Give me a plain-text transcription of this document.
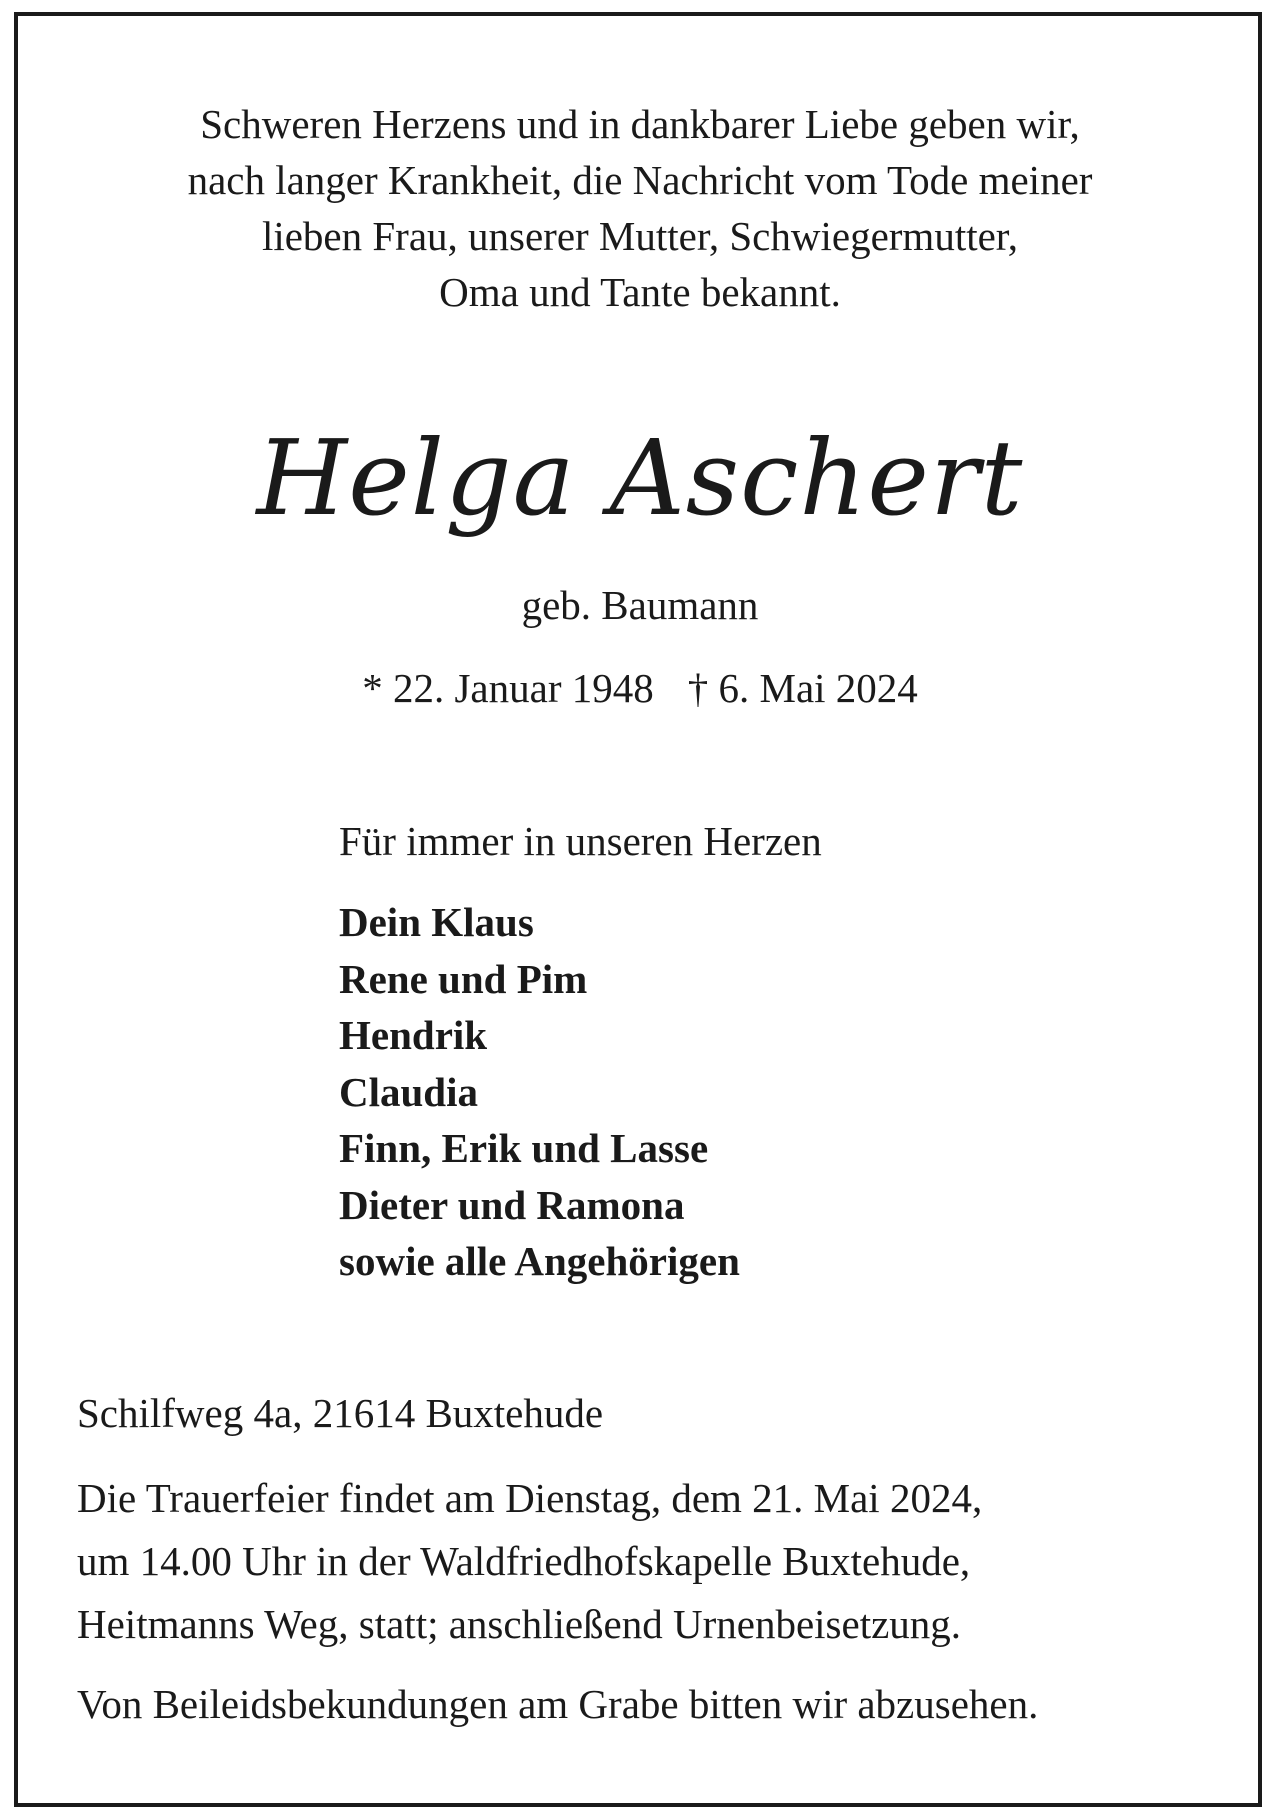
Schweren Herzens und in dankbarer Liebe geben wir,
nach langer Krankheit, die Nachricht vom Tode meiner
lieben Frau, unserer Mutter, Schwiegermutter,
Oma und Tante bekannt.
Helga Aschert
geb. Baumann
* 22. Januar 1948 † 6. Mai 2024
Für immer in unseren Herzen
Dein Klaus
Rene und Pim
Hendrik
Claudia
Finn, Erik und Lasse
Dieter und Ramona
sowie alle Angehörigen
Schilfweg 4a, 21614 Buxtehude
Die Trauerfeier findet am Dienstag, dem 21. Mai 2024,
um 14.00 Uhr in der Waldfriedhofskapelle Buxtehude,
Heitmanns Weg, statt; anschließend Urnenbeisetzung.
Von Beileidsbekundungen am Grabe bitten wir abzusehen.
